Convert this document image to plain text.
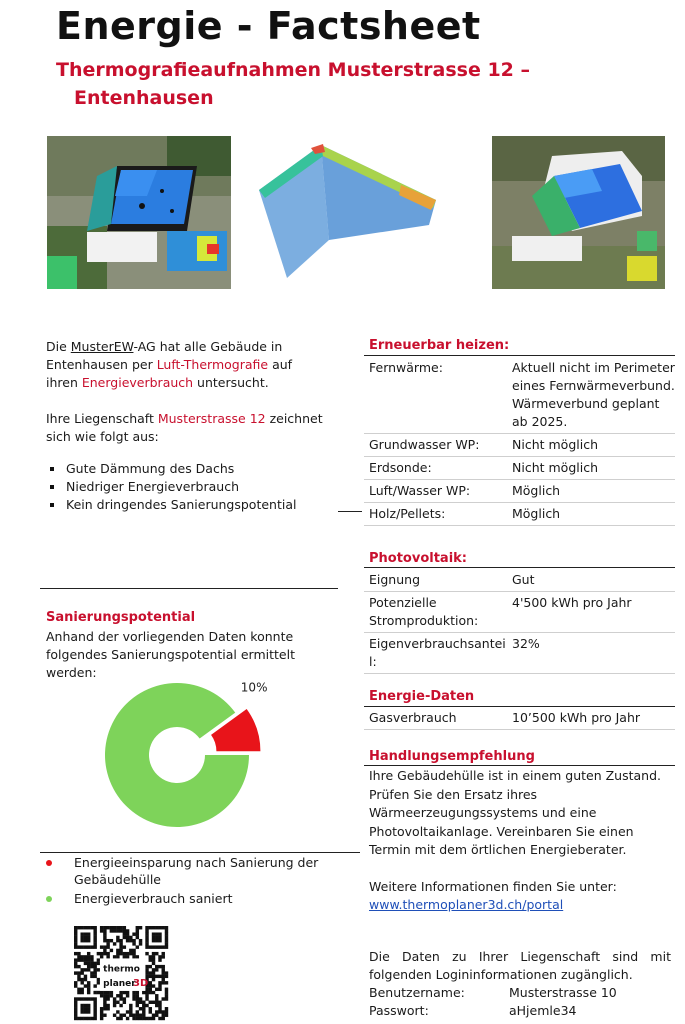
Energie - Factsheet
Thermografieaufnahmen Musterstrasse 12 –
Entenhausen

Die MusterEW-AG hat alle Gebäude in Entenhausen per Luft-Thermografie auf ihren Energieverbrauch untersucht.

Ihre Liegenschaft Musterstrasse 12 zeichnet sich wie folgt aus:

Gute Dämmung des Dachs
Niedriger Energieverbrauch
Kein dringendes Sanierungspotential
Sanierungspotential
Anhand der vorliegenden Daten konnte folgendes Sanierungspotential ermittelt werden:
10%
Energieeinsparung nach Sanierung der Gebäudehülle
Energieverbrauch saniert
thermo
planer
3D
Erneuerbar heizen:
Fernwärme:	Aktuell nicht im Perimeter eines Fernwärmeverbund. Wärmeverbund geplant ab 2025.
Grundwasser WP:	Nicht möglich
Erdsonde:	Nicht möglich
Luft/Wasser WP:	Möglich
Holz/Pellets:	Möglich
Photovoltaik:
Eignung	Gut
Potenzielle Stromproduktion:	4'500 kWh pro Jahr
Eigenverbrauchsanteil:	32%
Energie-Daten
Gasverbrauch	10’500 kWh pro Jahr
Handlungsempfehlung
Ihre Gebäudehülle ist in einem guten Zustand.
Prüfen Sie den Ersatz ihres Wärmeerzeugungssystems und eine Photovoltaikanlage. Vereinbaren Sie einen Termin mit dem örtlichen Energieberater.
Weitere Informationen finden Sie unter:
www.thermoplaner3d.ch/portal
Die Daten zu Ihrer Liegenschaft sind mit folgenden Logininformationen zugänglich.
Benutzername:	Musterstrasse 10
Passwort:	aHjemle34
